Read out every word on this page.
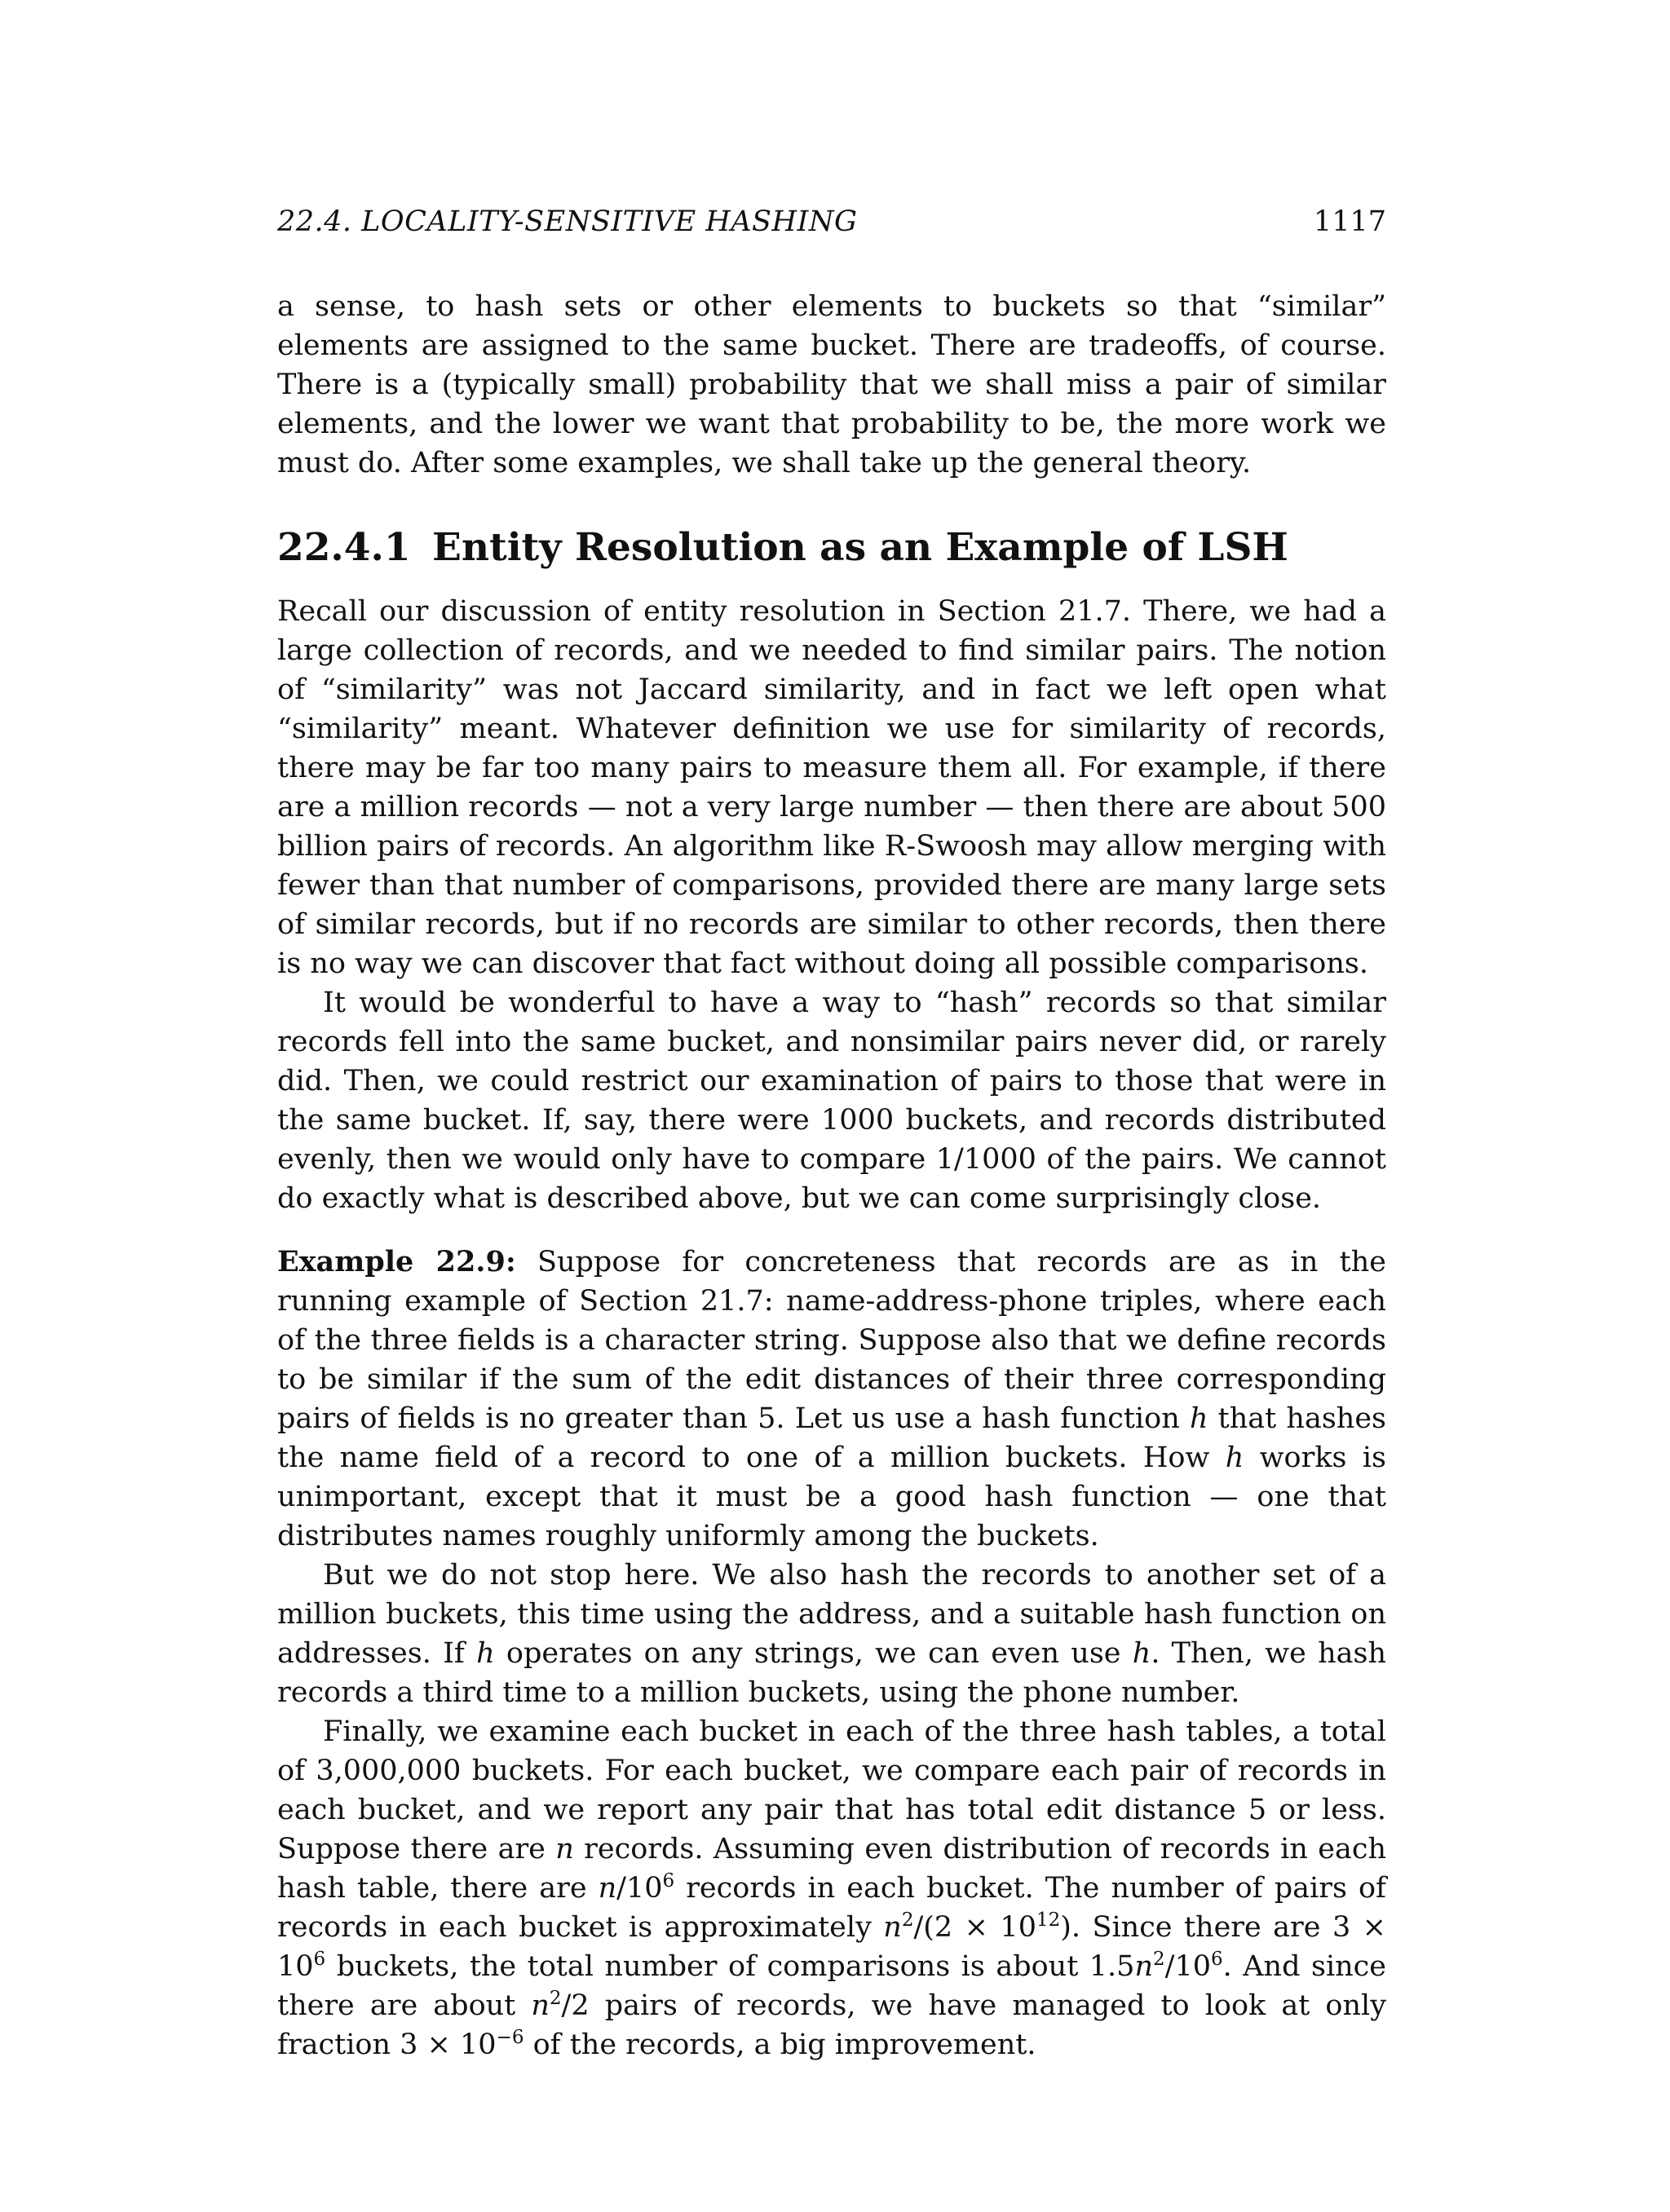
22.4. LOCALITY-SENSITIVE HASHING	1117

a sense, to hash sets or other elements to buckets so that “similar” elements are assigned to the same bucket. There are tradeoffs, of course. There is a (typically small) probability that we shall miss a pair of similar elements, and the lower we want that probability to be, the more work we must do. After some examples, we shall take up the general theory.

22.4.1 Entity Resolution as an Example of LSH

Recall our discussion of entity resolution in Section 21.7. There, we had a large collection of records, and we needed to find similar pairs. The notion of “similarity” was not Jaccard similarity, and in fact we left open what “similarity” meant. Whatever definition we use for similarity of records, there may be far too many pairs to measure them all. For example, if there are a million records — not a very large number — then there are about 500 billion pairs of records. An algorithm like R-Swoosh may allow merging with fewer than that number of comparisons, provided there are many large sets of similar records, but if no records are similar to other records, then there is no way we can discover that fact without doing all possible comparisons.

It would be wonderful to have a way to “hash” records so that similar records fell into the same bucket, and nonsimilar pairs never did, or rarely did. Then, we could restrict our examination of pairs to those that were in the same bucket. If, say, there were 1000 buckets, and records distributed evenly, then we would only have to compare 1/1000 of the pairs. We cannot do exactly what is described above, but we can come surprisingly close.

Example 22.9: Suppose for concreteness that records are as in the running example of Section 21.7: name-address-phone triples, where each of the three fields is a character string. Suppose also that we define records to be similar if the sum of the edit distances of their three corresponding pairs of fields is no greater than 5. Let us use a hash function h that hashes the name field of a record to one of a million buckets. How h works is unimportant, except that it must be a good hash function — one that distributes names roughly uniformly among the buckets.

But we do not stop here. We also hash the records to another set of a million buckets, this time using the address, and a suitable hash function on addresses. If h operates on any strings, we can even use h. Then, we hash records a third time to a million buckets, using the phone number.

Finally, we examine each bucket in each of the three hash tables, a total of 3,000,000 buckets. For each bucket, we compare each pair of records in each bucket, and we report any pair that has total edit distance 5 or less. Suppose there are n records. Assuming even distribution of records in each hash table, there are $n/10^6$ records in each bucket. The number of pairs of records in each bucket is approximately $n^2/(2 \times 10^{12})$. Since there are $3 \times 10^6$ buckets, the total number of comparisons is about $1.5n^2/10^6$. And since there are about $n^2/2$ pairs of records, we have managed to look at only fraction $3 \times 10^{-6}$ of the records, a big improvement.
